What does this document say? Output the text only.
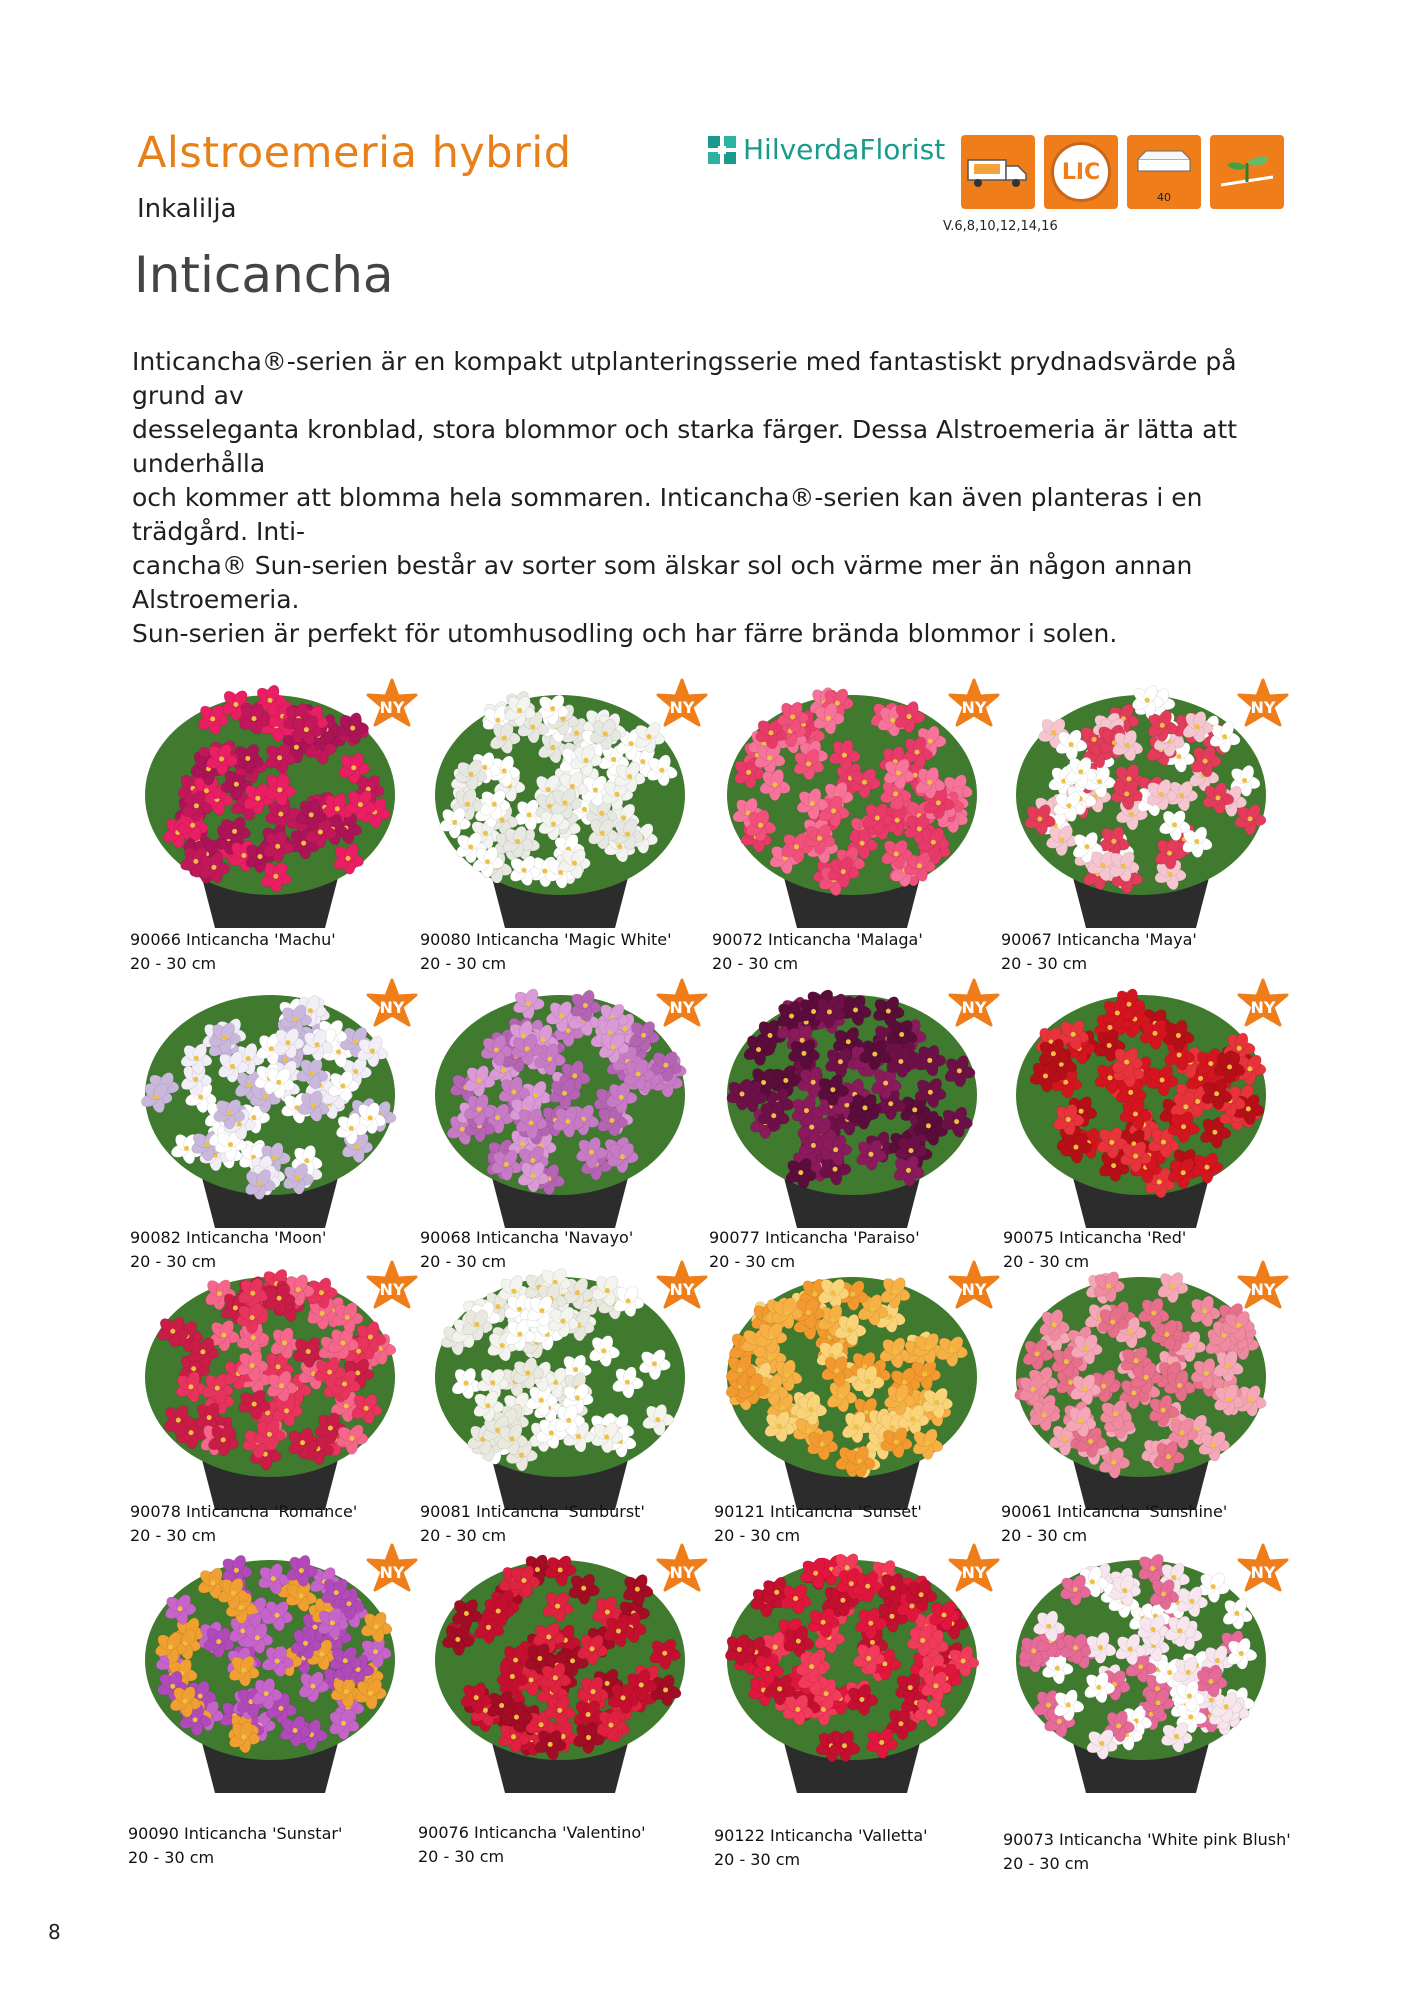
Alstroemeria hybrid
Inkalilja
Inticancha
HilverdaFlorist
LIC
40
V.6,8,10,12,14,16

Inticancha®-serien är en kompakt utplanteringsserie med fantastiskt prydnadsvärde på grund av

desseleganta kronblad, stora blommor och starka färger. Dessa Alstroemeria är lätta att underhålla

och kommer att blomma hela sommaren. Inticancha®-serien kan även planteras i en trädgård. Inti-

cancha® Sun-serien består av sorter som älskar sol och värme mer än någon annan Alstroemeria.

Sun-serien är perfekt för utomhusodling och har färre brända blommor i solen.

NY
90066 Inticancha 'Machu'
20 - 30 cm
NY
90080 Inticancha 'Magic White'
20 - 30 cm
NY
90072 Inticancha 'Malaga'
20 - 30 cm
NY
90067 Inticancha 'Maya'
20 - 30 cm
NY
90082 Inticancha 'Moon'
20 - 30 cm
NY
90068 Inticancha 'Navayo'
20 - 30 cm
NY
90077 Inticancha 'Paraiso'
20 - 30 cm
NY
90075 Inticancha 'Red'
20 - 30 cm
NY
90078 Inticancha 'Romance'
20 - 30 cm
NY
90081 Inticancha 'Sunburst'
20 - 30 cm
NY
90121 Inticancha 'Sunset'
20 - 30 cm
NY
90061 Inticancha 'Sunshine'
20 - 30 cm
NY
90090 Inticancha 'Sunstar'
20 - 30 cm
NY
90076 Inticancha 'Valentino'
20 - 30 cm
NY
90122 Inticancha 'Valletta'
20 - 30 cm
NY
90073 Inticancha 'White pink Blush'
20 - 30 cm
8
